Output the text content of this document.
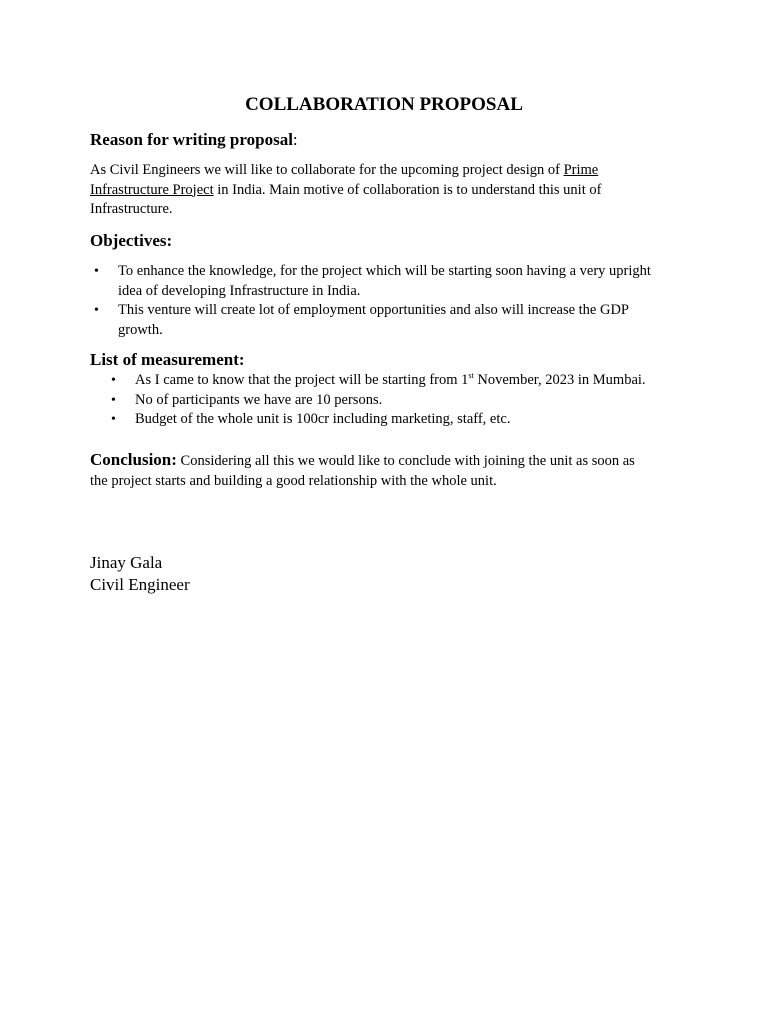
COLLABORATION PROPOSAL
Reason for writing proposal:
As Civil Engineers we will like to collaborate for the upcoming project design of Prime
Infrastructure Project in India. Main motive of collaboration is to understand this unit of
Infrastructure.
Objectives:
• To enhance the knowledge, for the project which will be starting soon having a very upright
idea of developing Infrastructure in India.
• This venture will create lot of employment opportunities and also will increase the GDP
growth.
List of measurement:
• As I came to know that the project will be starting from 1st November, 2023 in Mumbai.
• No of participants we have are 10 persons.
• Budget of the whole unit is 100cr including marketing, staff, etc.
Conclusion: Considering all this we would like to conclude with joining the unit as soon as
the project starts and building a good relationship with the whole unit.
Jinay Gala
Civil Engineer
